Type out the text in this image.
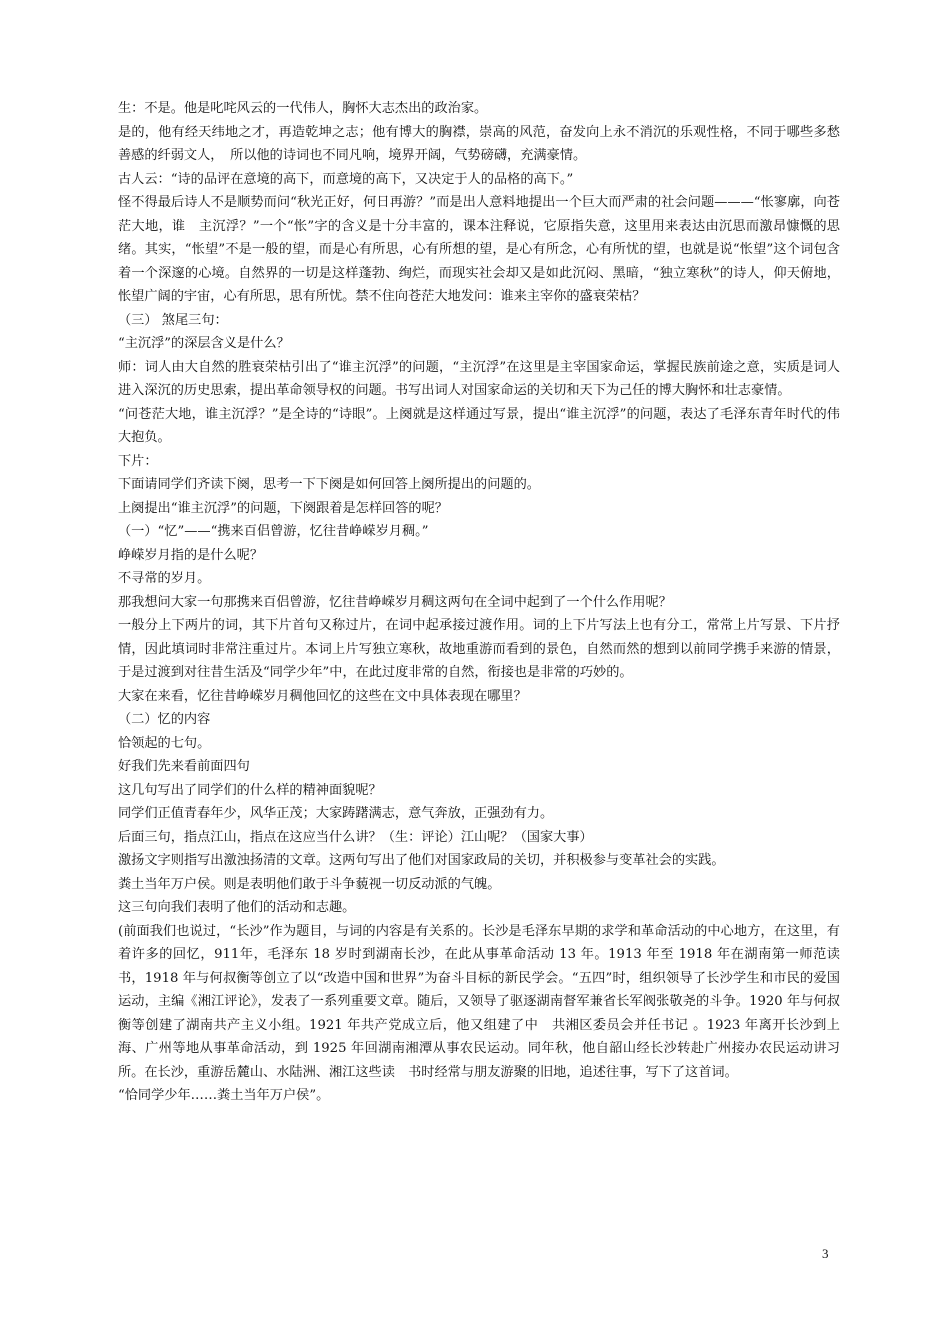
生：不是。他是叱咤风云的一代伟人，胸怀大志杰出的政治家。

是的，他有经天纬地之才，再造乾坤之志；他有博大的胸襟，崇高的风范，奋发向上永不消沉的乐观性格，不同于哪些多愁善感的纤弱文人，　所以他的诗词也不同凡响，境界开阔，气势磅礴，充满豪情。

古人云：“诗的品评在意境的高下，而意境的高下，又决定于人的品格的高下。”

怪不得最后诗人不是顺势而问“秋光正好，何日再游？”而是出人意料地提出一个巨大而严肃的社会问题———“怅寥廓，向苍茫大地，谁　主沉浮？”一个“怅”字的含义是十分丰富的，课本注释说，它原指失意，这里用来表达由沉思而激昂慷慨的思绪。其实，“怅望”不是一般的望，而是心有所思，心有所想的望，是心有所念，心有所忧的望，也就是说“怅望”这个词包含着一个深邃的心境。自然界的一切是这样蓬勃、绚烂，而现实社会却又是如此沉闷、黑暗，“独立寒秋”的诗人，仰天俯地，怅望广阔的宇宙，心有所思，思有所忧。禁不住向苍茫大地发问：谁来主宰你的盛衰荣枯？

（三） 煞尾三句：

“主沉浮”的深层含义是什么？

师：词人由大自然的胜衰荣枯引出了“谁主沉浮”的问题，“主沉浮”在这里是主宰国家命运，掌握民族前途之意，实质是词人进入深沉的历史思索，提出革命领导权的问题。书写出词人对国家命运的关切和天下为己任的博大胸怀和壮志豪情。

“问苍茫大地，谁主沉浮？”是全诗的“诗眼”。上阕就是这样通过写景，提出“谁主沉浮”的问题，表达了毛泽东青年时代的伟大抱负。

下片：

下面请同学们齐读下阕，思考一下下阕是如何回答上阕所提出的问题的。

上阕提出“谁主沉浮”的问题，下阕跟着是怎样回答的呢？

（一）“忆”——“携来百侣曾游，忆往昔峥嵘岁月稠。”

峥嵘岁月指的是什么呢？

不寻常的岁月。

那我想问大家一句那携来百侣曾游，忆往昔峥嵘岁月稠这两句在全词中起到了一个什么作用呢？

一般分上下两片的词，其下片首句又称过片，在词中起承接过渡作用。词的上下片写法上也有分工，常常上片写景、下片抒情，因此填词时非常注重过片。本词上片写独立寒秋，故地重游而看到的景色，自然而然的想到以前同学携手来游的情景，于是过渡到对往昔生活及“同学少年”中，在此过度非常的自然，衔接也是非常的巧妙的。

大家在来看，忆往昔峥嵘岁月稠他回忆的这些在文中具体表现在哪里？

（二）忆的内容

恰领起的七句。

好我们先来看前面四句

这几句写出了同学们的什么样的精神面貌呢？

同学们正值青春年少，风华正茂；大家踌躇满志，意气奔放，正强劲有力。

后面三句，指点江山，指点在这应当什么讲？（生：评论）江山呢？（国家大事）

激扬文字则指写出激浊扬清的文章。这两句写出了他们对国家政局的关切，并积极参与变革社会的实践。

粪土当年万户侯。则是表明他们敢于斗争藐视一切反动派的气魄。

这三句向我们表明了他们的活动和志趣。

(前面我们也说过，“长沙”作为题目，与词的内容是有关系的。长沙是毛泽东早期的求学和革命活动的中心地方，在这里，有着许多的回忆，911年，毛泽东 18 岁时到湖南长沙，在此从事革命活动 13 年。1913 年至 1918 年在湖南第一师范读　书，1918 年与何叔衡等创立了以“改造中国和世界”为奋斗目标的新民学会。“五四”时，组织领导了长沙学生和市民的爱国运动，主编《湘江评论》，发表了一系列重要文章。随后，又领导了驱逐湖南督军兼省长军阀张敬尧的斗争。1920 年与何叔衡等创建了湖南共产主义小组。1921 年共产党成立后，他又组建了中　共湘区委员会并任书记 。1923 年离开长沙到上海、广州等地从事革命活动，到 1925 年回湖南湘潭从事农民运动。同年秋，他自韶山经长沙转赴广州接办农民运动讲习所。在长沙，重游岳麓山、水陆洲、湘江这些读　书时经常与朋友游聚的旧地，追述往事，写下了这首词。

“恰同学少年……粪土当年万户侯”。

3
